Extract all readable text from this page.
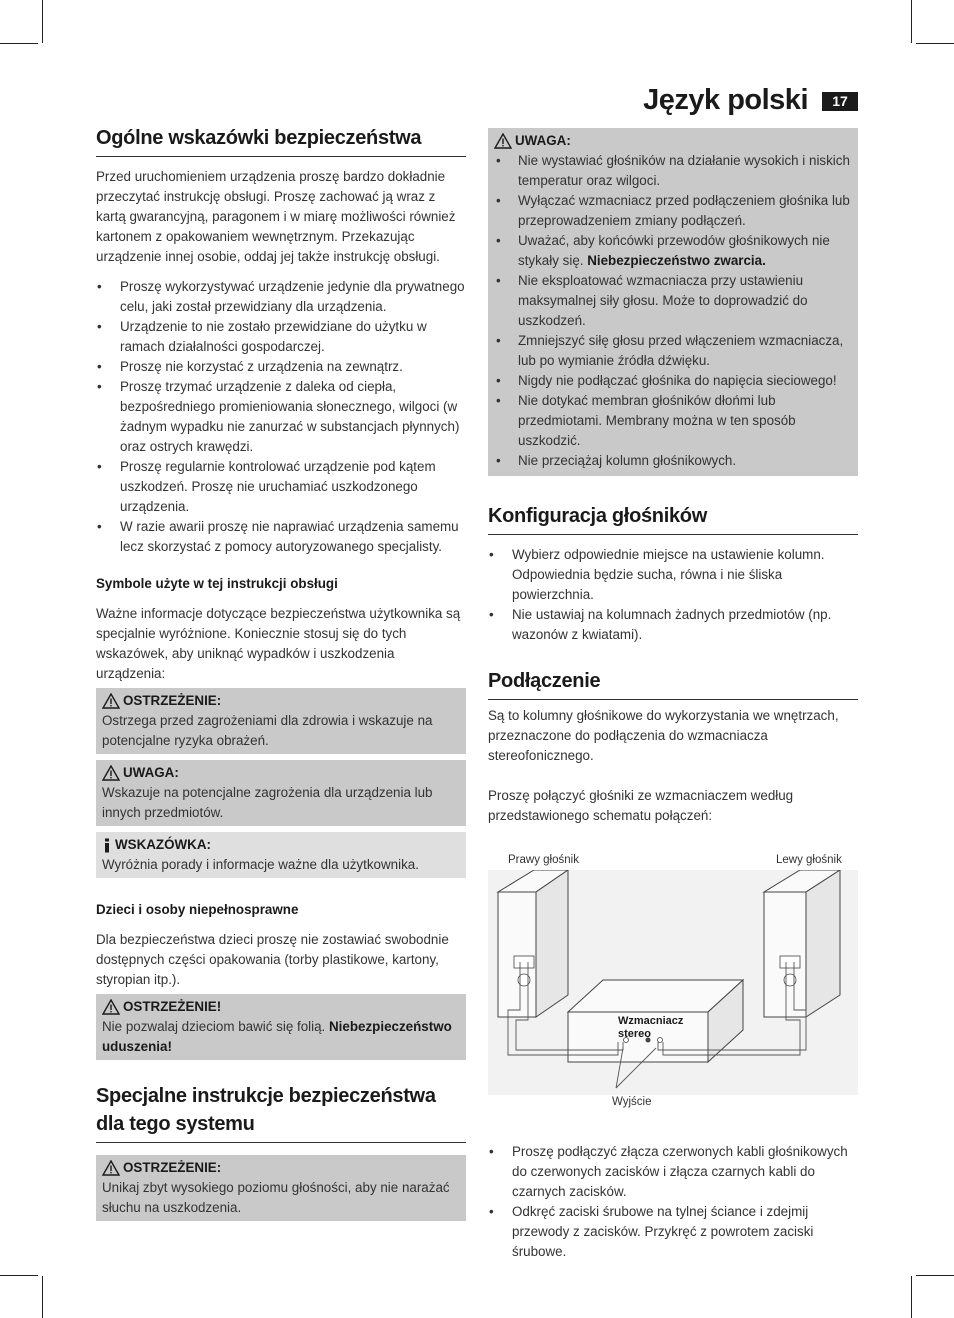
Język polski	17
Ogólne wskazówki bezpieczeństwa

Przed uruchomieniem urządzenia proszę bardzo dokładnie przeczytać instrukcję obsługi. Proszę zachować ją wraz z kartą gwarancyjną, paragonem i w miarę możliwości również kartonem z opakowaniem wewnętrznym. Przekazując urządzenie innej osobie, oddaj jej także instrukcję obsługi.

• Proszę wykorzystywać urządzenie jedynie dla prywatnego celu, jaki został przewidziany dla urządzenia.
• Urządzenie to nie zostało przewidziane do użytku w ramach działalności gospodarczej.
• Proszę nie korzystać z urządzenia na zewnątrz.
• Proszę trzymać urządzenie z daleka od ciepła, bezpośredniego promieniowania słonecznego, wilgoci (w żadnym wypadku nie zanurzać w substancjach płynnych) oraz ostrych krawędzi.
• Proszę regularnie kontrolować urządzenie pod kątem uszkodzeń. Proszę nie uruchamiać uszkodzonego urządzenia.
• W razie awarii proszę nie naprawiać urządzenia samemu lecz skorzystać z pomocy autoryzowanego specjalisty.
Symbole użyte w tej instrukcji obsługi

Ważne informacje dotyczące bezpieczeństwa użytkownika są specjalnie wyróżnione. Koniecznie stosuj się do tych wskazówek, aby uniknąć wypadków i uszkodzenia urządzenia:

OSTRZEŻENIE:

Ostrzega przed zagrożeniami dla zdrowia i wskazuje na potencjalne ryzyka obrażeń.

UWAGA:

Wskazuje na potencjalne zagrożenia dla urządzenia lub innych przedmiotów.

WSKAZÓWKA:

Wyróżnia porady i informacje ważne dla użytkownika.

Dzieci i osoby niepełnosprawne

Dla bezpieczeństwa dzieci proszę nie zostawiać swobodnie dostępnych części opakowania (torby plastikowe, kartony, styropian itp.).

OSTRZEŻENIE!

Nie pozwalaj dzieciom bawić się folią. Niebezpieczeństwo uduszenia!

Specjalne instrukcje bezpieczeństwa dla tego systemu
OSTRZEŻENIE:

Unikaj zbyt wysokiego poziomu głośności, aby nie narażać słuchu na uszkodzenia.

UWAGA:
• Nie wystawiać głośników na działanie wysokich i niskich temperatur oraz wilgoci.
• Wyłączać wzmacniacz przed podłączeniem głośnika lub przeprowadzeniem zmiany podłączeń.
• Uważać, aby końcówki przewodów głośnikowych nie stykały się. Niebezpieczeństwo zwarcia.
• Nie eksploatować wzmacniacza przy ustawieniu maksymalnej siły głosu. Może to doprowadzić do uszkodzeń.
• Zmniejszyć siłę głosu przed włączeniem wzmacniacza, lub po wymianie źródła dźwięku.
• Nigdy nie podłączać głośnika do napięcia sieciowego!
• Nie dotykać membran głośników dłońmi lub przedmiotami. Membrany można w ten sposób uszkodzić.
• Nie przeciążaj kolumn głośnikowych.
Konfiguracja głośników
• Wybierz odpowiednie miejsce na ustawienie kolumn. Odpowiednia będzie sucha, równa i nie śliska powierzchnia.
• Nie ustawiaj na kolumnach żadnych przedmiotów (np. wazonów z kwiatami).
Podłączenie

Są to kolumny głośnikowe do wykorzystania we wnętrzach, przeznaczone do podłączenia do wzmacniacza stereofonicznego.

Proszę połączyć głośniki ze wzmacniaczem według przedstawionego schematu połączeń:

Prawy głośnik	Lewy głośnik
Wzmacniacz
stereo
Wyjście
• Proszę podłączyć złącza czerwonych kabli głośnikowych do czerwonych zacisków i złącza czarnych kabli do czarnych zacisków.
• Odkręć zaciski śrubowe na tylnej ściance i zdejmij przewody z zacisków. Przykręć z powrotem zaciski śrubowe.
